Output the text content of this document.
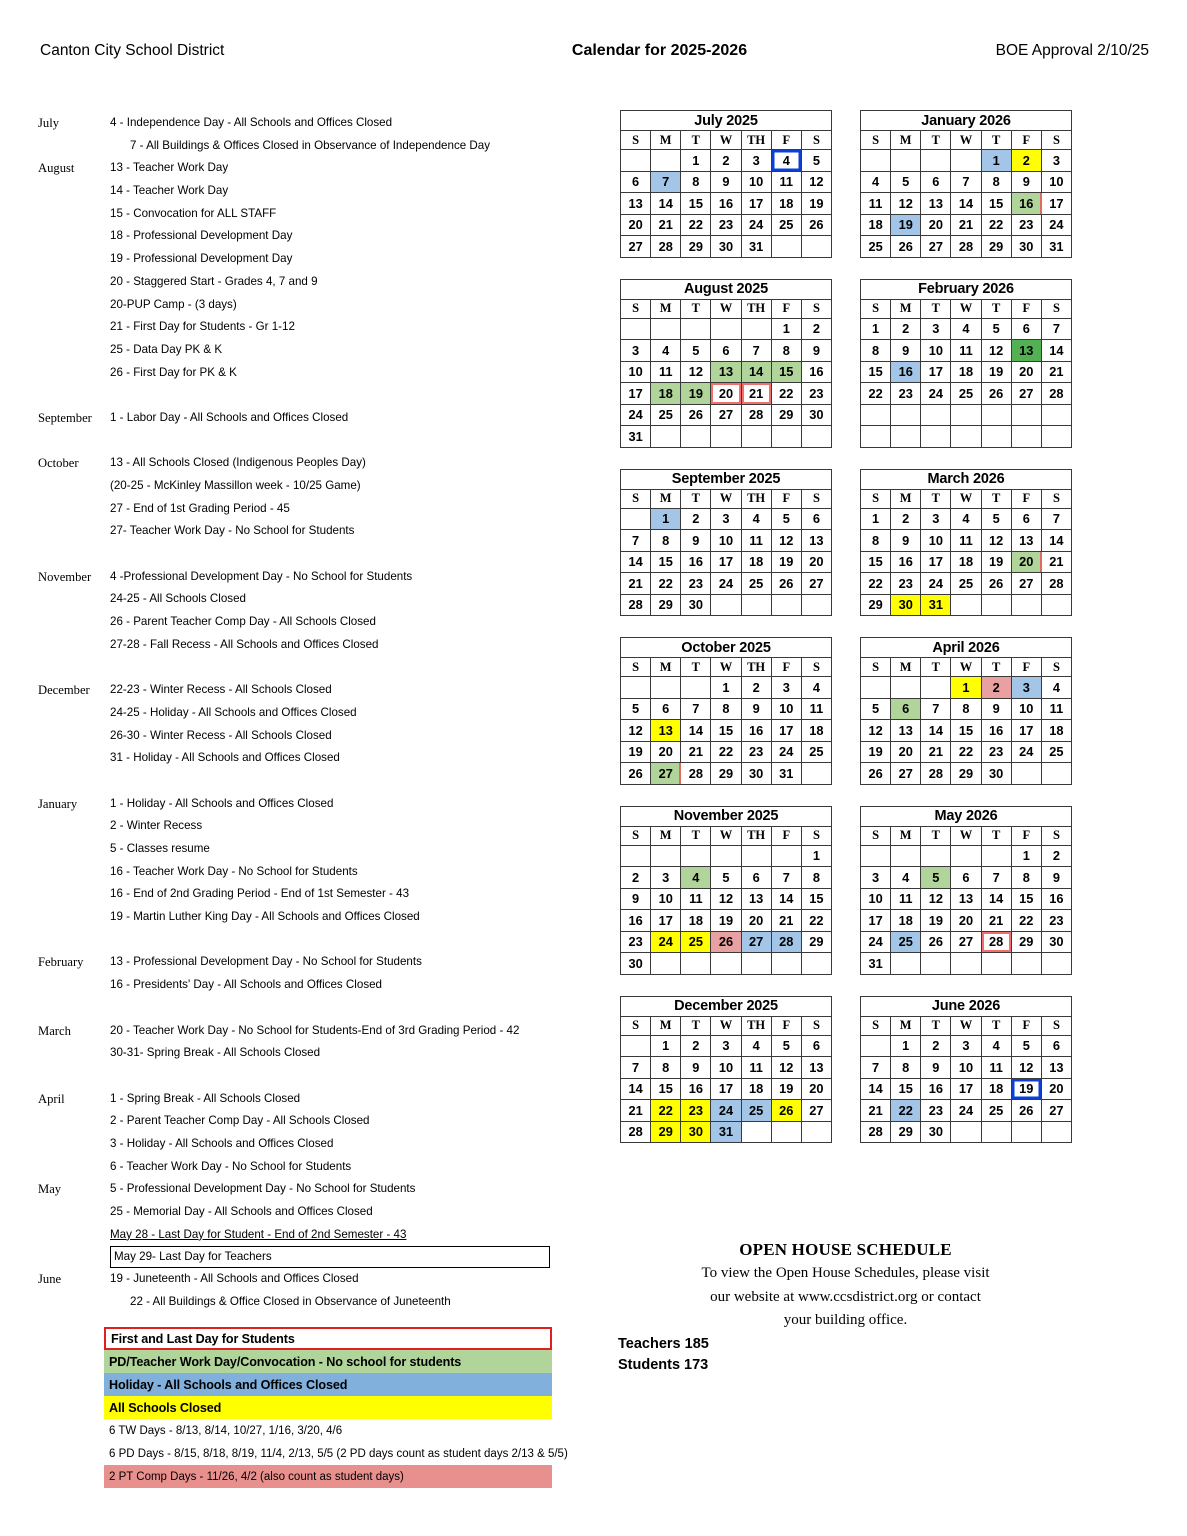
Canton City School District	Calendar for 2025-2026	BOE Approval 2/10/25
July	4 - Independence Day - All Schools and Offices Closed
7 - All Buildings & Offices Closed in Observance of Independence Day
August	13 - Teacher Work Day
14 - Teacher Work Day
15 - Convocation for ALL STAFF
18 - Professional Development Day
19 - Professional Development Day
20 - Staggered Start - Grades 4, 7 and 9
20-PUP Camp - (3 days)
21 - First Day for Students - Gr 1-12
25 - Data Day PK & K
26 - First Day for PK & K
September	1 - Labor Day - All Schools and Offices Closed
October	13 - All Schools Closed (Indigenous Peoples Day)
(20-25 - McKinley Massillon week - 10/25 Game)
27 - End of 1st Grading Period - 45
27- Teacher Work Day - No School for Students
November	4 -Professional Development Day - No School for Students
24-25 - All Schools Closed
26 - Parent Teacher Comp Day - All Schools Closed
27-28 - Fall Recess - All Schools and Offices Closed
December	22-23 - Winter Recess - All Schools Closed
24-25 - Holiday - All Schools and Offices Closed
26-30 - Winter Recess - All Schools Closed
31 - Holiday - All Schools and Offices Closed
January	1 - Holiday - All Schools and Offices Closed
2 - Winter Recess
5 - Classes resume
16 - Teacher Work Day - No School for Students
16 - End of 2nd Grading Period - End of 1st Semester - 43
19 - Martin Luther King Day - All Schools and Offices Closed
February	13 - Professional Development Day - No School for Students
16 - Presidents' Day - All Schools and Offices Closed
March	20 - Teacher Work Day - No School for Students-End of 3rd Grading Period - 42
30-31- Spring Break - All Schools Closed
April	1 - Spring Break - All Schools Closed
2 - Parent Teacher Comp Day - All Schools Closed
3 - Holiday - All Schools and Offices Closed
6 - Teacher Work Day - No School for Students
May	5 - Professional Development Day - No School for Students
25 - Memorial Day - All Schools and Offices Closed
May 28 - Last Day for Student - End of 2nd Semester - 43
May 29- Last Day for Teachers
June	19 - Juneteenth - All Schools and Offices Closed
22 - All Buildings & Office Closed in Observance of Juneteenth
First and Last Day for Students
PD/Teacher Work Day/Convocation - No school for students
Holiday - All Schools and Offices Closed
All Schools Closed
6 TW Days - 8/13, 8/14, 10/27, 1/16, 3/20, 4/6
6 PD Days - 8/15, 8/18, 8/19, 11/4, 2/13, 5/5 (2 PD days count as student days 2/13 & 5/5)
2 PT Comp Days - 11/26, 4/2 (also count as student days)
July 2025						
S	M	T	W	TH	F	S
		1	2	3	4	5
6	7	8	9	10	11	12
13	14	15	16	17	18	19
20	21	22	23	24	25	26
27	28	29	30	31		
January 2026						
S	M	T	W	T	F	S
				1	2	3
4	5	6	7	8	9	10
11	12	13	14	15	16	17
18	19	20	21	22	23	24
25	26	27	28	29	30	31
August 2025						
S	M	T	W	TH	F	S
					1	2
3	4	5	6	7	8	9
10	11	12	13	14	15	16
17	18	19	20	21	22	23
24	25	26	27	28	29	30
31						
February 2026						
S	M	T	W	T	F	S
1	2	3	4	5	6	7
8	9	10	11	12	13	14
15	16	17	18	19	20	21
22	23	24	25	26	27	28

September 2025						
S	M	T	W	TH	F	S
	1	2	3	4	5	6
7	8	9	10	11	12	13
14	15	16	17	18	19	20
21	22	23	24	25	26	27
28	29	30				
March 2026						
S	M	T	W	T	F	S
1	2	3	4	5	6	7
8	9	10	11	12	13	14
15	16	17	18	19	20	21
22	23	24	25	26	27	28
29	30	31				
October 2025						
S	M	T	W	TH	F	S
			1	2	3	4
5	6	7	8	9	10	11
12	13	14	15	16	17	18
19	20	21	22	23	24	25
26	27	28	29	30	31	
April 2026						
S	M	T	W	T	F	S
			1	2	3	4
5	6	7	8	9	10	11
12	13	14	15	16	17	18
19	20	21	22	23	24	25
26	27	28	29	30		
November 2025						
S	M	T	W	TH	F	S
						1
2	3	4	5	6	7	8
9	10	11	12	13	14	15
16	17	18	19	20	21	22
23	24	25	26	27	28	29
30						
May 2026						
S	M	T	W	T	F	S
					1	2
3	4	5	6	7	8	9
10	11	12	13	14	15	16
17	18	19	20	21	22	23
24	25	26	27	28	29	30
31						
December 2025						
S	M	T	W	TH	F	S
	1	2	3	4	5	6
7	8	9	10	11	12	13
14	15	16	17	18	19	20
21	22	23	24	25	26	27
28	29	30	31			
June 2026						
S	M	T	W	T	F	S
	1	2	3	4	5	6
7	8	9	10	11	12	13
14	15	16	17	18	19	20
21	22	23	24	25	26	27
28	29	30				
OPEN HOUSE SCHEDULE
To view the Open House Schedules, please visit
our website at www.ccsdistrict.org or contact
your building office.
Teachers 185
Students 173
